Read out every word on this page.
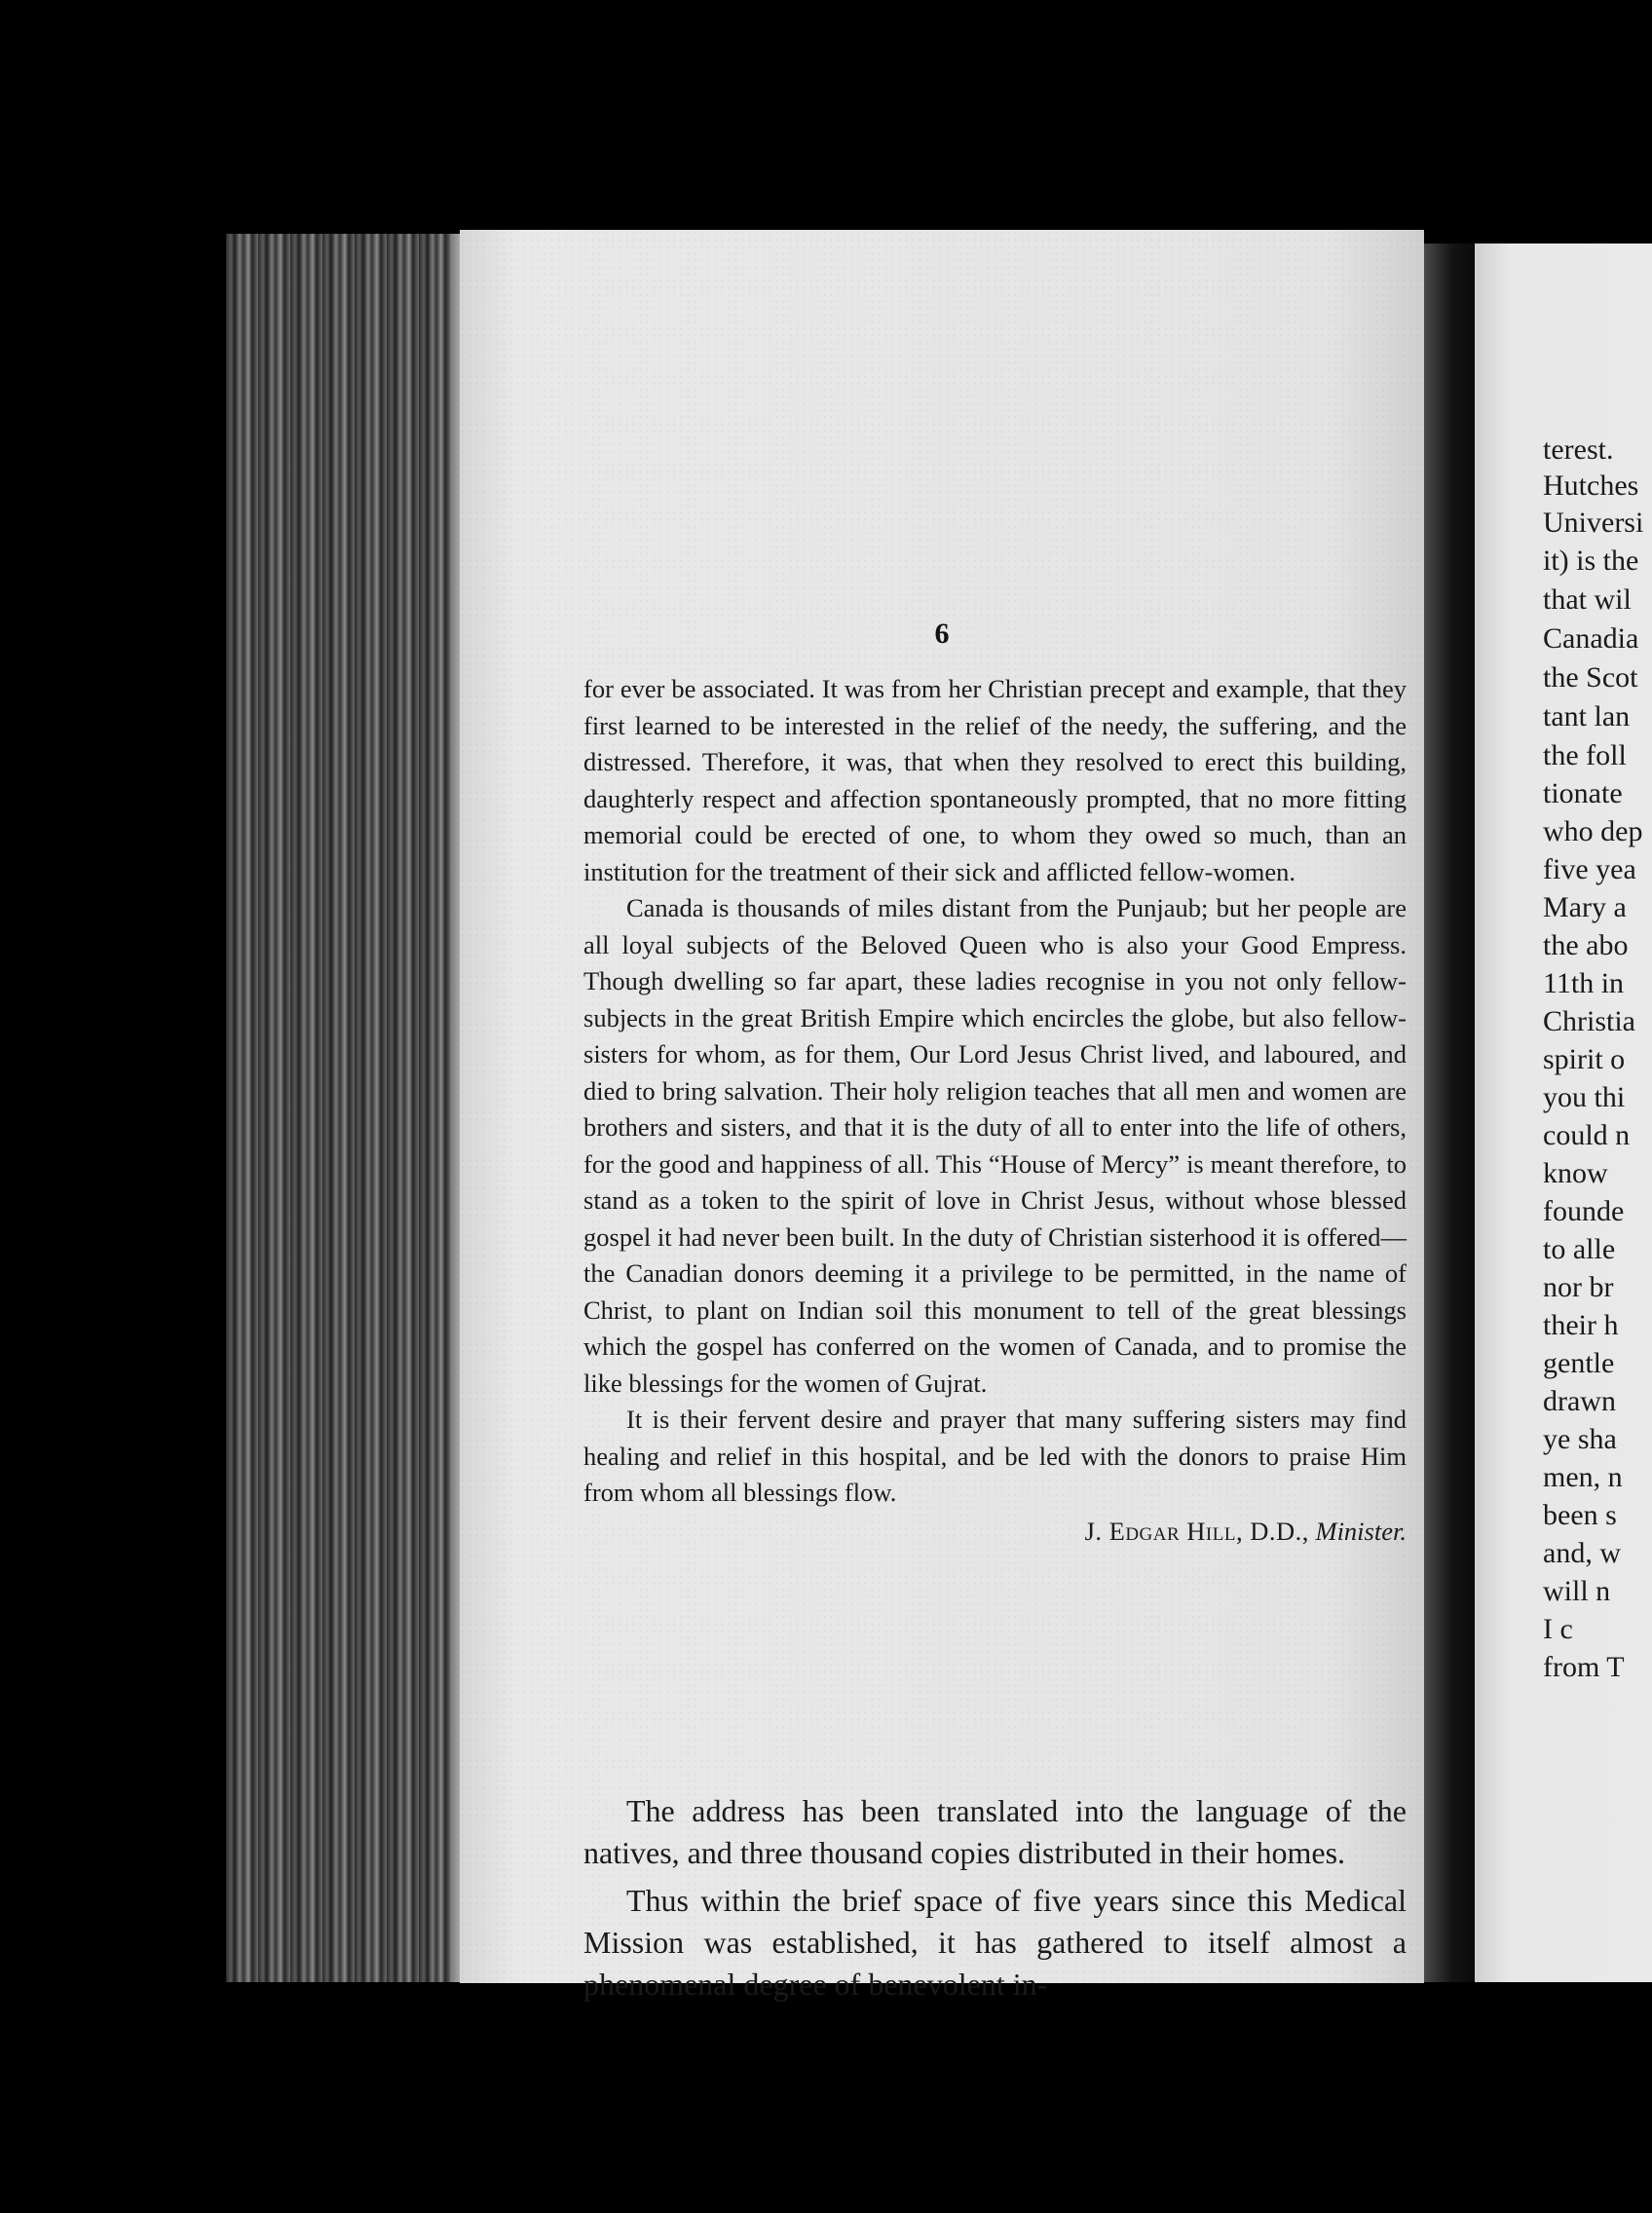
6

for ever be associated. It was from her Christian precept and example, that they first learned to be interested in the relief of the needy, the suffering, and the distressed. Therefore, it was, that when they resolved to erect this building, daughterly respect and affection spontaneously prompted, that no more fitting memorial could be erected of one, to whom they owed so much, than an institution for the treatment of their sick and afflicted fellow-women.

Canada is thousands of miles distant from the Punjaub; but her people are all loyal subjects of the Beloved Queen who is also your Good Empress. Though dwelling so far apart, these ladies recognise in you not only fellow-subjects in the great British Empire which encircles the globe, but also fellow-sisters for whom, as for them, Our Lord Jesus Christ lived, and laboured, and died to bring salvation. Their holy religion teaches that all men and women are brothers and sisters, and that it is the duty of all to enter into the life of others, for the good and happiness of all. This “House of Mercy” is meant therefore, to stand as a token to the spirit of love in Christ Jesus, without whose blessed gospel it had never been built. In the duty of Christian sisterhood it is offered—the Canadian donors deeming it a privilege to be permitted, in the name of Christ, to plant on Indian soil this monument to tell of the great blessings which the gospel has conferred on the women of Canada, and to promise the like blessings for the women of Gujrat.

It is their fervent desire and prayer that many suffering sisters may find healing and relief in this hospital, and be led with the donors to praise Him from whom all blessings flow.

J. Edgar Hill, D.D., Minister.

The address has been translated into the language of the natives, and three thousand copies distributed in their homes.

Thus within the brief space of five years since this Medical Mission was established, it has gathered to itself almost a phenomenal degree of benevolent in-

terest.
Hutches
Universi
it) is the
that wil
Canadia
the Scot
tant lan
the foll
tionate
who dep
five yea
Mary a
the abo
11th in
Christia
spirit o
you thi
could n
know
founde
to alle
nor br
their h
gentle
drawn
ye sha
men, n
been s
and, w
will n
I c
from T
